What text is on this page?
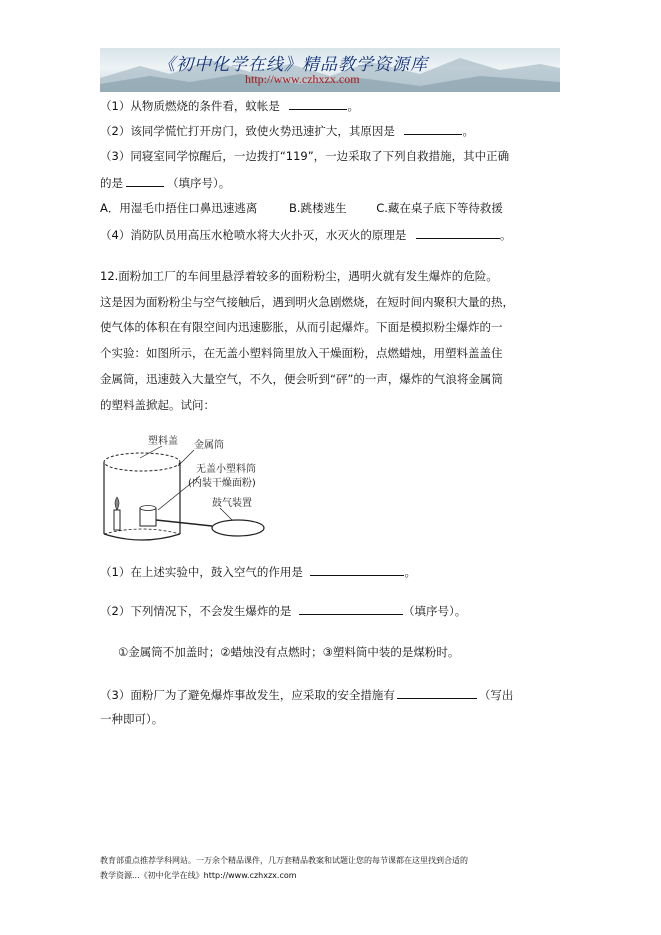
《初中化学在线》精品教学资源库
http://www.czhxzx.com
（1）从物质燃烧的条件看，蚊帐是	。
（2）该同学慌忙打开房门，致使火势迅速扩大，其原因是	。
（3）同寝室同学惊醒后，一边拨打“119”，一边采取了下列自救措施，其中正确
的是	（填序号）。
A．用湿毛巾捂住口鼻迅速逃离	B.跳楼逃生	C.藏在桌子底下等待救援
（4）消防队员用高压水枪喷水将大火扑灭，水灭火的原理是	。
12.面粉加工厂的车间里悬浮着较多的面粉粉尘，遇明火就有发生爆炸的危险。
这是因为面粉粉尘与空气接触后，遇到明火急剧燃烧，在短时间内聚积大量的热，
使气体的体积在有限空间内迅速膨胀，从而引起爆炸。下面是模拟粉尘爆炸的一
个实验：如图所示，在无盖小塑料筒里放入干燥面粉，点燃蜡烛，用塑料盖盖住
金属筒，迅速鼓入大量空气，不久，便会听到“砰”的一声，爆炸的气浪将金属筒
的塑料盖掀起。试问：
塑料盖 金属筒
无盖小塑料筒
(内装干燥面粉)
鼓气装置
（1）在上述实验中，鼓入空气的作用是	。
（2）下列情况下，不会发生爆炸的是	（填序号）。
①金属筒不加盖时；②蜡烛没有点燃时；③塑料筒中装的是煤粉时。
（3）面粉厂为了避免爆炸事故发生，应采取的安全措施有	（写出
一种即可）。
教育部重点推荐学科网站。一万余个精品课件，几万套精品教案和试题让您的每节课都在这里找到合适的
教学资源...《初中化学在线》http://www.czhxzx.com
